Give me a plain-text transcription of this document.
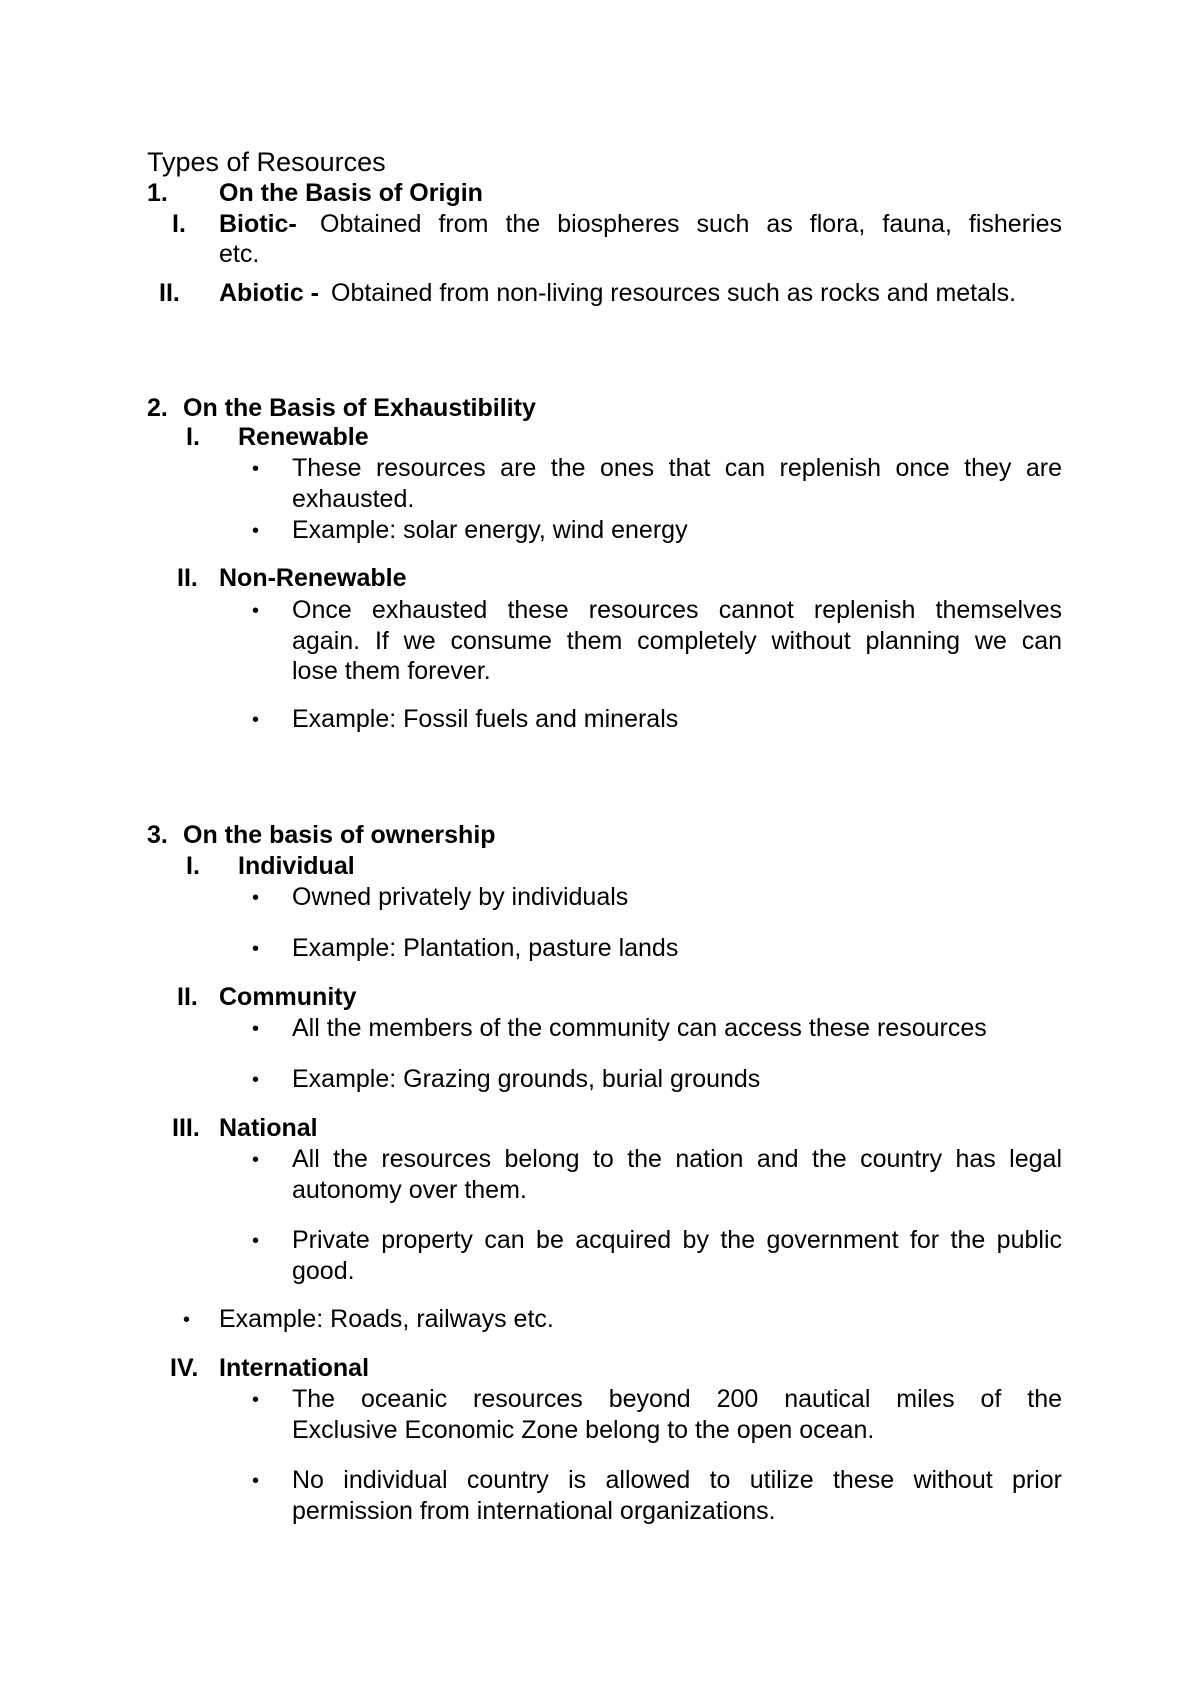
Types of Resources
1. On the Basis of Origin
I. Biotic- Obtained from the biospheres such as flora, fauna, fisheries
etc.
II. Abiotic - Obtained from non-living resources such as rocks and metals.
2. On the Basis of Exhaustibility
I. Renewable
• These resources are the ones that can replenish once they are
exhausted.
• Example: solar energy, wind energy
II. Non-Renewable
• Once exhausted these resources cannot replenish themselves
again. If we consume them completely without planning we can
lose them forever.
• Example: Fossil fuels and minerals
3. On the basis of ownership
I. Individual
• Owned privately by individuals
• Example: Plantation, pasture lands
II. Community
• All the members of the community can access these resources
• Example: Grazing grounds, burial grounds
III. National
• All the resources belong to the nation and the country has legal
autonomy over them.
• Private property can be acquired by the government for the public
good.
• Example: Roads, railways etc.
IV. International
• The oceanic resources beyond 200 nautical miles of the
Exclusive Economic Zone belong to the open ocean.
• No individual country is allowed to utilize these without prior
permission from international organizations.
